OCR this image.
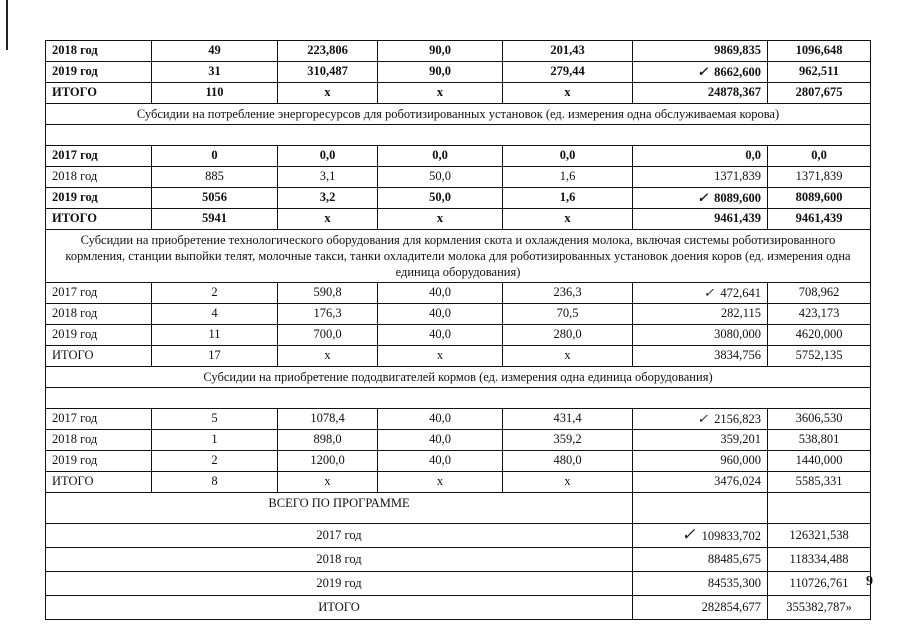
2018 год	49	223,806	90,0	201,43	9869,835	1096,648
2019 год	31	310,487	90,0	279,44	✓ 8662,600	962,511
ИТОГО	110	х	х	х	24878,367	2807,675
Субсидии на потребление энергоресурсов для роботизированных установок (ед. измерения одна обслуживаемая корова)						

2017 год	0	0,0	0,0	0,0	0,0	0,0
2018 год	885	3,1	50,0	1,6	1371,839	1371,839
2019 год	5056	3,2	50,0	1,6	✓ 8089,600	8089,600
ИТОГО	5941	х	х	х	9461,439	9461,439
Субсидии на приобретение технологического оборудования для кормления скота и охлаждения молока, включая системы роботизированного кормления, станции выпойки телят, молочные такси, танки охладители молока для роботизированных установок доения коров (ед. измерения одна единица оборудования)						
2017 год	2	590,8	40,0	236,3	✓ 472,641	708,962
2018 год	4	176,3	40,0	70,5	282,115	423,173
2019 год	11	700,0	40,0	280,0	3080,000	4620,000
ИТОГО	17	х	х	х	3834,756	5752,135
Субсидии на приобретение пододвигателей кормов (ед. измерения одна единица оборудования)						

2017 год	5	1078,4	40,0	431,4	✓ 2156,823	3606,530
2018 год	1	898,0	40,0	359,2	359,201	538,801
2019 год	2	1200,0	40,0	480,0	960,000	1440,000
ИТОГО	8	х	х	х	3476,024	5585,331
ВСЕГО ПО ПРОГРАММЕ						
2017 год					✓ 109833,702	126321,538
2018 год					88485,675	118334,488
2019 год					84535,300	110726,761
ИТОГО					282854,677	355382,787»
9
